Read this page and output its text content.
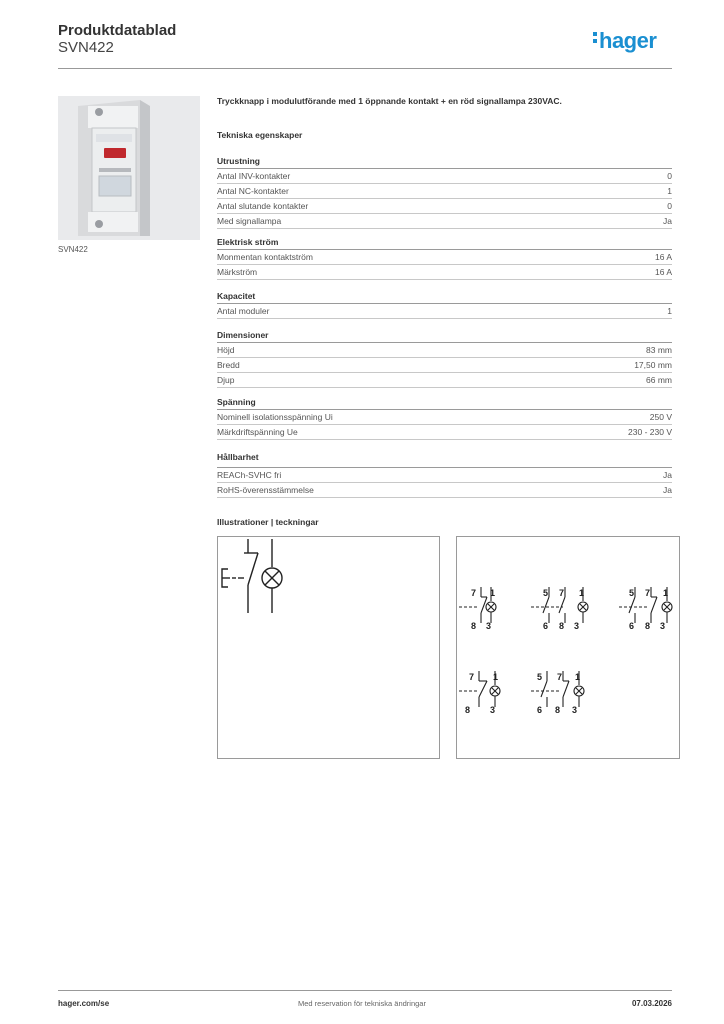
Produktdatablad
SVN422	hager
SVN422
Tryckknapp i modulutförande med 1 öppnande kontakt + en röd signallampa 230VAC.
Tekniska egenskaper
Utrustning
Antal INV-kontakter	0
Antal NC-kontakter	1
Antal slutande kontakter	0
Med signallampa	Ja
Elektrisk ström
Monmentan kontaktström	16 A
Märkström	16 A
Kapacitet
Antal moduler	1
Dimensioner
Höjd	83 mm
Bredd	17,50 mm
Djup	66 mm
Spänning
Nominell isolationsspänning Ui	250 V
Märkdriftspänning Ue	230 - 230 V
Hållbarhet
REACh-SVHC fri	Ja
RoHS-överensstämmelse	Ja
Illustrationer | teckningar
7 1
8 3
5 7 1
6 8 3
5 7 1
6 8 3
7 1
8 3
5 7 1
6 8 3
hager.com/se	Med reservation för tekniska ändringar	07.03.2026
